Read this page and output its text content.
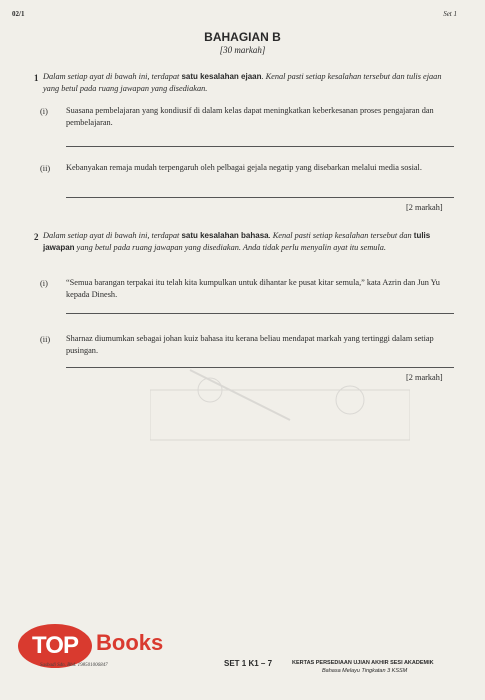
02/1	Set 1
BAHAGIAN B
[30 markah]
1 Dalam setiap ayat di bawah ini, terdapat satu kesalahan ejaan. Kenal pasti setiap kesalahan tersebut dan tulis ejaan yang betul pada ruang jawapan yang disediakan.
(i) Suasana pembelajaran yang kondiusif di dalam kelas dapat meningkatkan keberkesanan proses pengajaran dan pembelajaran.
(ii) Kebanyakan remaja mudah terpengaruh oleh pelbagai gejala negatip yang disebarkan melalui media sosial.
[2 markah]
2 Dalam setiap ayat di bawah ini, terdapat satu kesalahan bahasa. Kenal pasti setiap kesalahan tersebut dan tulis jawapan yang betul pada ruang jawapan yang disediakan. Anda tidak perlu menyalin ayat itu semula.
(i) “Semua barangan terpakai itu telah kita kumpulkan untuk dihantar ke pusat kitar semula,” kata Azrin dan Jun Yu kepada Dinesh.
(ii) Sharnaz diumumkan sebagai johan kuiz bahasa itu kerana beliau mendapat markah yang tertinggi dalam setiap pusingan.
[2 markah]
TOP Books
Sasbadi Sdn. Bhd. 198501006847	SET 1 K1 – 7	KERTAS PERSEDIAAN UJIAN AKHIR SESI AKADEMIK
Bahasa Melayu Tingkatan 3 KSSM
